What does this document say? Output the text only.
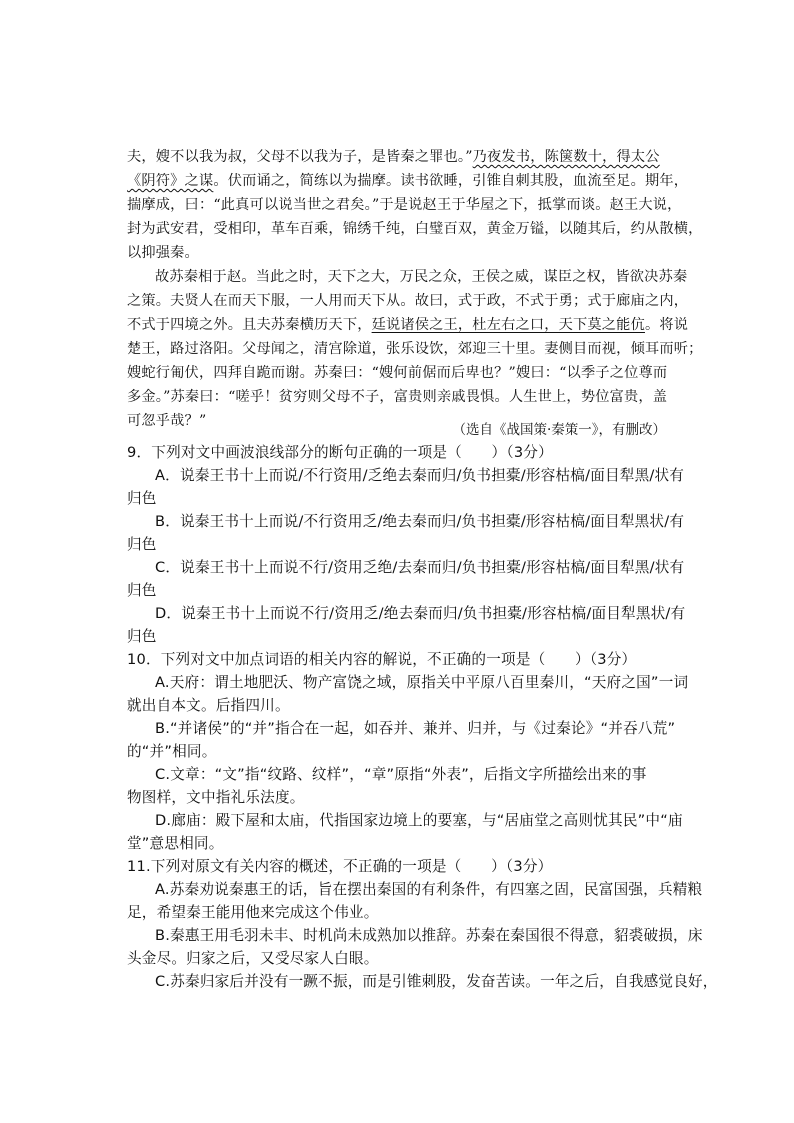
夫，嫂不以我为叔，父母不以我为子，是皆秦之罪也。”乃夜发书，陈箧数十，得太公
《阴符》之谋。伏而诵之，简练以为揣摩。读书欲睡，引锥自刺其股，血流至足。期年，
揣摩成，曰：“此真可以说当世之君矣。”于是说赵王于华屋之下，抵掌而谈。赵王大说，
封为武安君，受相印，革车百乘，锦绣千纯，白璧百双，黄金万镒，以随其后，约从散横，
以抑强秦。
故苏秦相于赵。当此之时，天下之大，万民之众，王侯之威，谋臣之权，皆欲决苏秦
之策。夫贤人在而天下服，一人用而天下从。故曰，式于政，不式于勇；式于廊庙之内，
不式于四境之外。且夫苏秦横历天下，廷说诸侯之王，杜左右之口，天下莫之能伉。将说
楚王，路过洛阳。父母闻之，清宫除道，张乐设饮，郊迎三十里。妻侧目而视，倾耳而听；
嫂蛇行匍伏，四拜自跪而谢。苏秦曰：“嫂何前倨而后卑也？”嫂曰：“以季子之位尊而
多金。”苏秦曰：“嗟乎！贫穷则父母不子，富贵则亲戚畏惧。人生世上，势位富贵，盖
可忽乎哉？”
（选自《战国策·秦策一》，有删改）
9．下列对文中画波浪线部分的断句正确的一项是（　　）（3分）
A．说秦王书十上而说/不行资用/乏绝去秦而归/负书担橐/形容枯槁/面目犁黑/状有
归色
B．说秦王书十上而说/不行资用乏/绝去秦而归/负书担橐/形容枯槁/面目犁黑状/有
归色
C．说秦王书十上而说不行/资用乏绝/去秦而归/负书担橐/形容枯槁/面目犁黑/状有
归色
D．说秦王书十上而说不行/资用乏/绝去秦而归/负书担橐/形容枯槁/面目犁黑状/有
归色
10．下列对文中加点词语的相关内容的解说，不正确的一项是（　　）（3分）
A.天府：谓土地肥沃、物产富饶之域，原指关中平原八百里秦川，“天府之国”一词
就出自本文。后指四川。
B.“并诸侯”的“并”指合在一起，如吞并、兼并、归并，与《过秦论》“并吞八荒”
的“并”相同。
C.文章：“文”指“纹路、纹样”，“章”原指“外表”，后指文字所描绘出来的事
物图样，文中指礼乐法度。
D.廊庙：殿下屋和太庙，代指国家边境上的要塞，与“居庙堂之高则忧其民”中“庙
堂”意思相同。
11.下列对原文有关内容的概述，不正确的一项是（　　）（3分）
A.苏秦劝说秦惠王的话，旨在摆出秦国的有利条件，有四塞之固，民富国强，兵精粮
足，希望秦王能用他来完成这个伟业。
B.秦惠王用毛羽未丰、时机尚未成熟加以推辞。苏秦在秦国很不得意，貂裘破损，床
头金尽。归家之后，又受尽家人白眼。
C.苏秦归家后并没有一蹶不振，而是引锥刺股，发奋苦读。一年之后，自我感觉良好，
